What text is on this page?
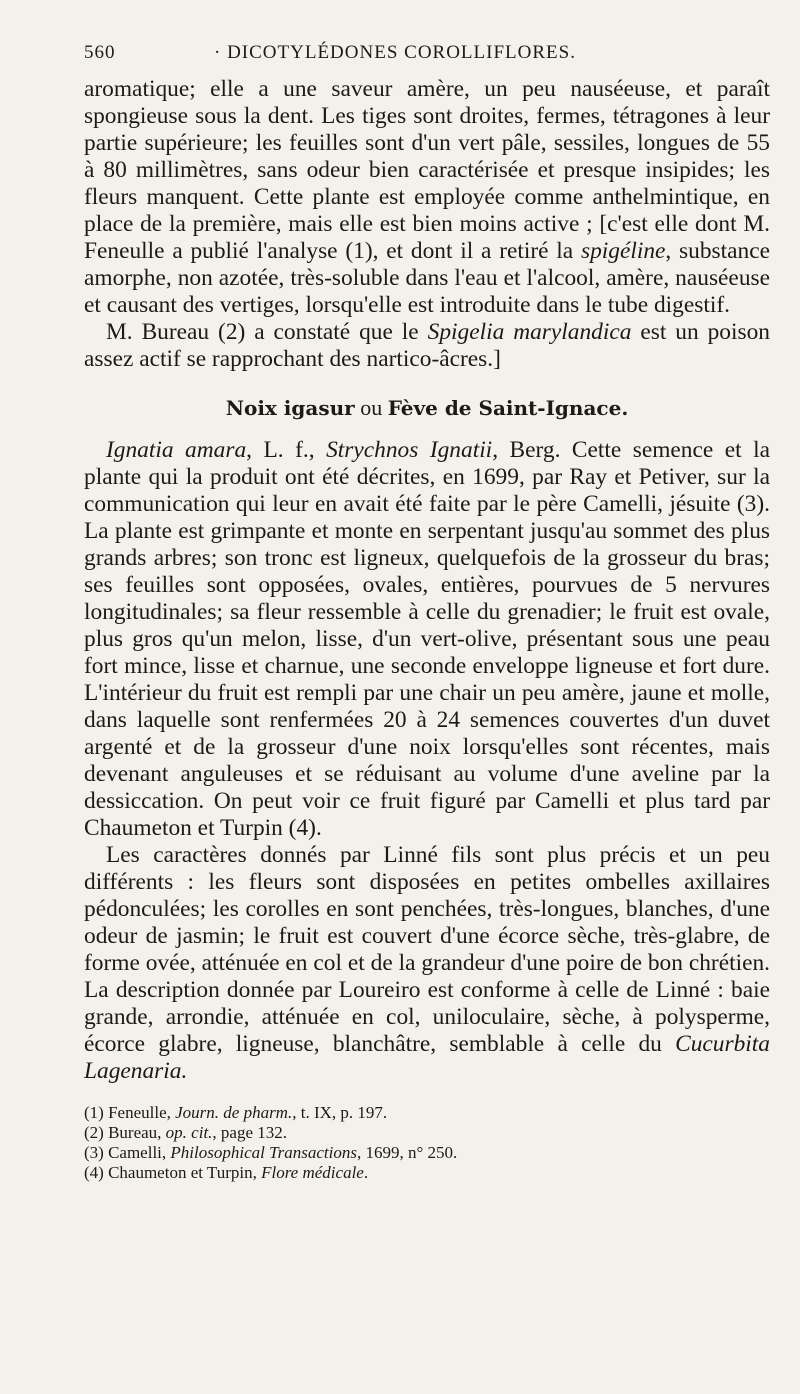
560	· DICOTYLÉDONES COROLLIFLORES.

aromatique; elle a une saveur amère, un peu nauséeuse, et paraît spongieuse sous la dent. Les tiges sont droites, fermes, tétragones à leur partie supérieure; les feuilles sont d'un vert pâle, sessiles, longues de 55 à 80 millimètres, sans odeur bien caractérisée et presque insipides; les fleurs manquent. Cette plante est employée comme anthelmintique, en place de la première, mais elle est bien moins active ; [c'est elle dont M. Feneulle a publié l'analyse (1), et dont il a retiré la spigéline, substance amorphe, non azotée, très-soluble dans l'eau et l'alcool, amère, nauséeuse et causant des vertiges, lorsqu'elle est introduite dans le tube digestif.

M. Bureau (2) a constaté que le Spigelia marylandica est un poison assez actif se rapprochant des nartico-âcres.]

Noix igasur ou Fève de Saint-Ignace.

Ignatia amara, L. f., Strychnos Ignatii, Berg. Cette semence et la plante qui la produit ont été décrites, en 1699, par Ray et Petiver, sur la communication qui leur en avait été faite par le père Camelli, jésuite (3). La plante est grimpante et monte en serpentant jusqu'au sommet des plus grands arbres; son tronc est ligneux, quelquefois de la grosseur du bras; ses feuilles sont opposées, ovales, entières, pourvues de 5 nervures longitudinales; sa fleur ressemble à celle du grenadier; le fruit est ovale, plus gros qu'un melon, lisse, d'un vert-olive, présentant sous une peau fort mince, lisse et charnue, une seconde enveloppe ligneuse et fort dure. L'intérieur du fruit est rempli par une chair un peu amère, jaune et molle, dans laquelle sont renfermées 20 à 24 semences couvertes d'un duvet argenté et de la grosseur d'une noix lorsqu'elles sont récentes, mais devenant anguleuses et se réduisant au volume d'une aveline par la dessiccation. On peut voir ce fruit figuré par Camelli et plus tard par Chaumeton et Turpin (4).

Les caractères donnés par Linné fils sont plus précis et un peu différents : les fleurs sont disposées en petites ombelles axillaires pédonculées; les corolles en sont penchées, très-longues, blanches, d'une odeur de jasmin; le fruit est couvert d'une écorce sèche, très-glabre, de forme ovée, atténuée en col et de la grandeur d'une poire de bon chrétien. La description donnée par Loureiro est conforme à celle de Linné : baie grande, arrondie, atténuée en col, uniloculaire, sèche, à polysperme, écorce glabre, ligneuse, blanchâtre, semblable à celle du Cucurbita Lagenaria.

(1) Feneulle, Journ. de pharm., t. IX, p. 197.
(2) Bureau, op. cit., page 132.
(3) Camelli, Philosophical Transactions, 1699, n° 250.
(4) Chaumeton et Turpin, Flore médicale.
